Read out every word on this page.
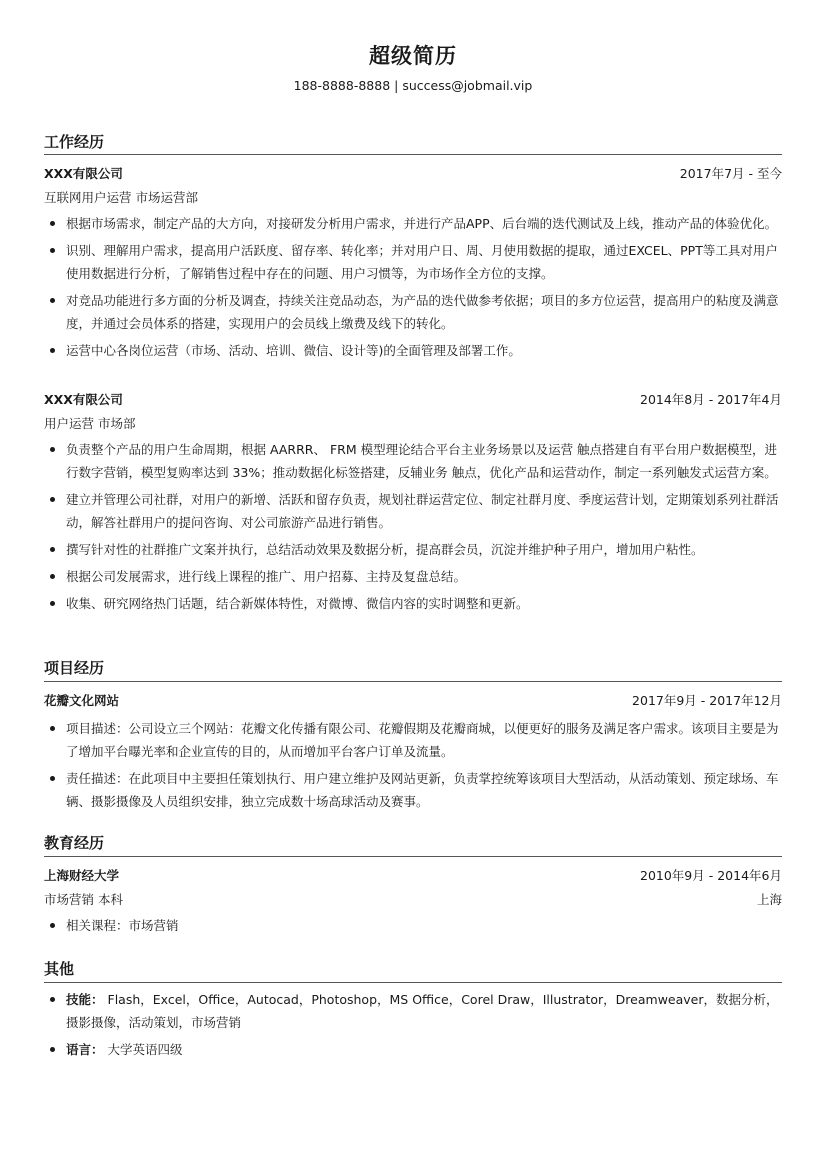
超级简历
188-8888-8888 | success@jobmail.vip
工作经历
XXX有限公司	2017年7月 - 至今
互联网用户运营 市场运营部
根据市场需求，制定产品的大方向，对接研发分析用户需求，并进行产品APP、后台端的迭代测试及上线，推动产品的体验优化。
识别、理解用户需求，提高用户活跃度、留存率、转化率；并对用户日、周、月使用数据的提取，通过EXCEL、PPT等工具对用户使用数据进行分析，了解销售过程中存在的问题、用户习惯等，为市场作全方位的支撑。
对竞品功能进行多方面的分析及调查，持续关注竞品动态，为产品的迭代做参考依据；项目的多方位运营，提高用户的粘度及满意度，并通过会员体系的搭建，实现用户的会员线上缴费及线下的转化。
运营中心各岗位运营（市场、活动、培训、微信、设计等)的全面管理及部署工作。
XXX有限公司	2014年8月 - 2017年4月
用户运营 市场部
负责整个产品的用户生命周期，根据 AARRR、 FRM 模型理论结合平台主业务场景以及运营 触点搭建自有平台用户数据模型，进行数字营销，模型复购率达到 33%；推动数据化标签搭建，反辅业务 触点，优化产品和运营动作，制定一系列触发式运营方案。
建立并管理公司社群，对用户的新增、活跃和留存负责，规划社群运营定位、制定社群月度、季度运营计划，定期策划系列社群活动，解答社群用户的提问咨询、对公司旅游产品进行销售。
撰写针对性的社群推广文案并执行，总结活动效果及数据分析，提高群会员，沉淀并维护种子用户，增加用户粘性。
根据公司发展需求，进行线上课程的推广、用户招募、主持及复盘总结。
收集、研究网络热门话题，结合新媒体特性，对微博、微信内容的实时调整和更新。
项目经历
花瓣文化网站	2017年9月 - 2017年12月
项目描述：公司设立三个网站：花瓣文化传播有限公司、花瓣假期及花瓣商城，以便更好的服务及满足客户需求。该项目主要是为了增加平台曝光率和企业宣传的目的，从而增加平台客户订单及流量。
责任描述：在此项目中主要担任策划执行、用户建立维护及网站更新，负责掌控统筹该项目大型活动，从活动策划、预定球场、车辆、摄影摄像及人员组织安排，独立完成数十场高球活动及赛事。
教育经历
上海财经大学	2010年9月 - 2014年6月
市场营销 本科	上海
相关课程：市场营销
其他
技能： Flash，Excel，Office，Autocad，Photoshop，MS Office，Corel Draw，Illustrator，Dreamweaver，数据分析，摄影摄像，活动策划，市场营销
语言： 大学英语四级
